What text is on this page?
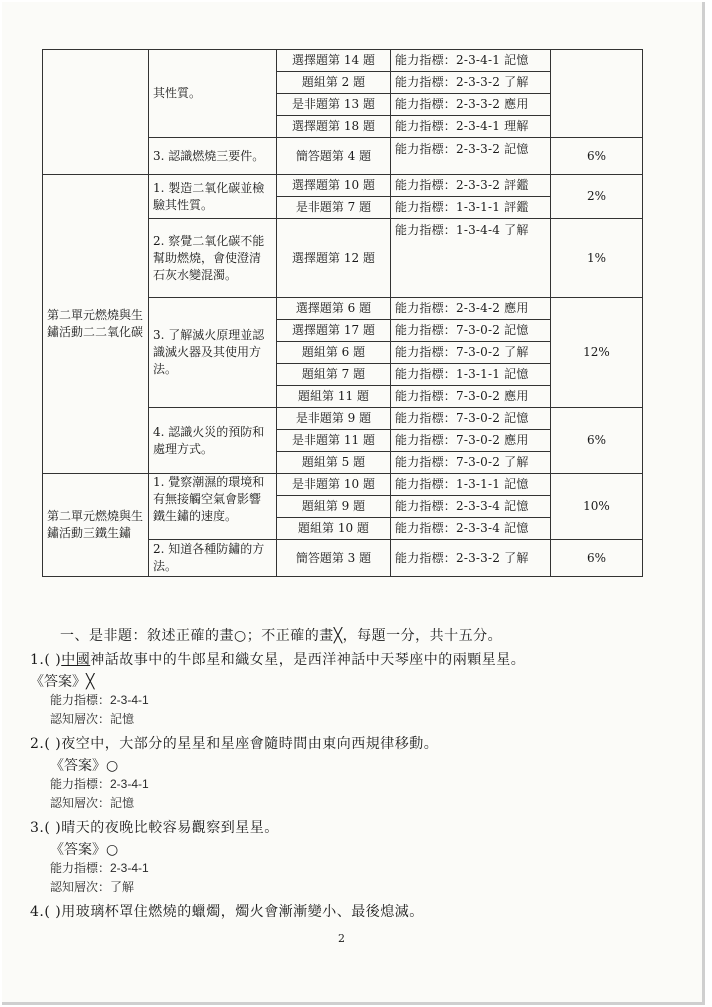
	其性質。	選擇題第 14 題	能力指標：2-3-4-1 記憶	
		題組第 2 題	能力指標：2-3-3-2 了解	
		是非題第 13 題	能力指標：2-3-3-2 應用	
		選擇題第 18 題	能力指標：2-3-4-1 理解	
	3. 認識燃燒三要件。	簡答題第 4 題	能力指標：2-3-3-2 記憶	6%
第二單元燃燒與生鏽活動二二氧化碳	1. 製造二氧化碳並檢驗其性質。	選擇題第 10 題	能力指標：2-3-3-2 評鑑	2%
		是非題第 7 題	能力指標：1-3-1-1 評鑑	
	2. 察覺二氧化碳不能幫助燃燒，會使澄清石灰水變混濁。	選擇題第 12 題	能力指標：1-3-4-4 了解	1%
	3. 了解滅火原理並認識滅火器及其使用方法。	選擇題第 6 題	能力指標：2-3-4-2 應用	12%
		選擇題第 17 題	能力指標：7-3-0-2 記憶	
		題組第 6 題	能力指標：7-3-0-2 了解	
		題組第 7 題	能力指標：1-3-1-1 記憶	
		題組第 11 題	能力指標：7-3-0-2 應用	
	4. 認識火災的預防和處理方式。	是非題第 9 題	能力指標：7-3-0-2 記憶	6%
		是非題第 11 題	能力指標：7-3-0-2 應用	
		題組第 5 題	能力指標：7-3-0-2 了解	
第二單元燃燒與生鏽活動三鐵生鏽	1. 覺察潮濕的環境和有無接觸空氣會影響鐵生鏽的速度。	是非題第 10 題	能力指標：1-3-1-1 記憶	10%
		題組第 9 題	能力指標：2-3-3-4 記憶	
		題組第 10 題	能力指標：2-3-3-4 記憶	
	2. 知道各種防鏽的方法。	簡答題第 3 題	能力指標：2-3-3-2 了解	6%
一、是非題：敘述正確的畫○；不正確的畫╳，每題一分，共十五分。
1.( )中國神話故事中的牛郎星和織女星，是西洋神話中天琴座中的兩顆星星。
《答案》╳
能力指標：2-3-4-1
認知層次：記憶
2.( )夜空中，大部分的星星和星座會隨時間由東向西規律移動。
《答案》○
能力指標：2-3-4-1
認知層次：記憶
3.( )晴天的夜晚比較容易觀察到星星。
《答案》○
能力指標：2-3-4-1
認知層次：了解
4.( )用玻璃杯罩住燃燒的蠟燭，燭火會漸漸變小、最後熄滅。
2
